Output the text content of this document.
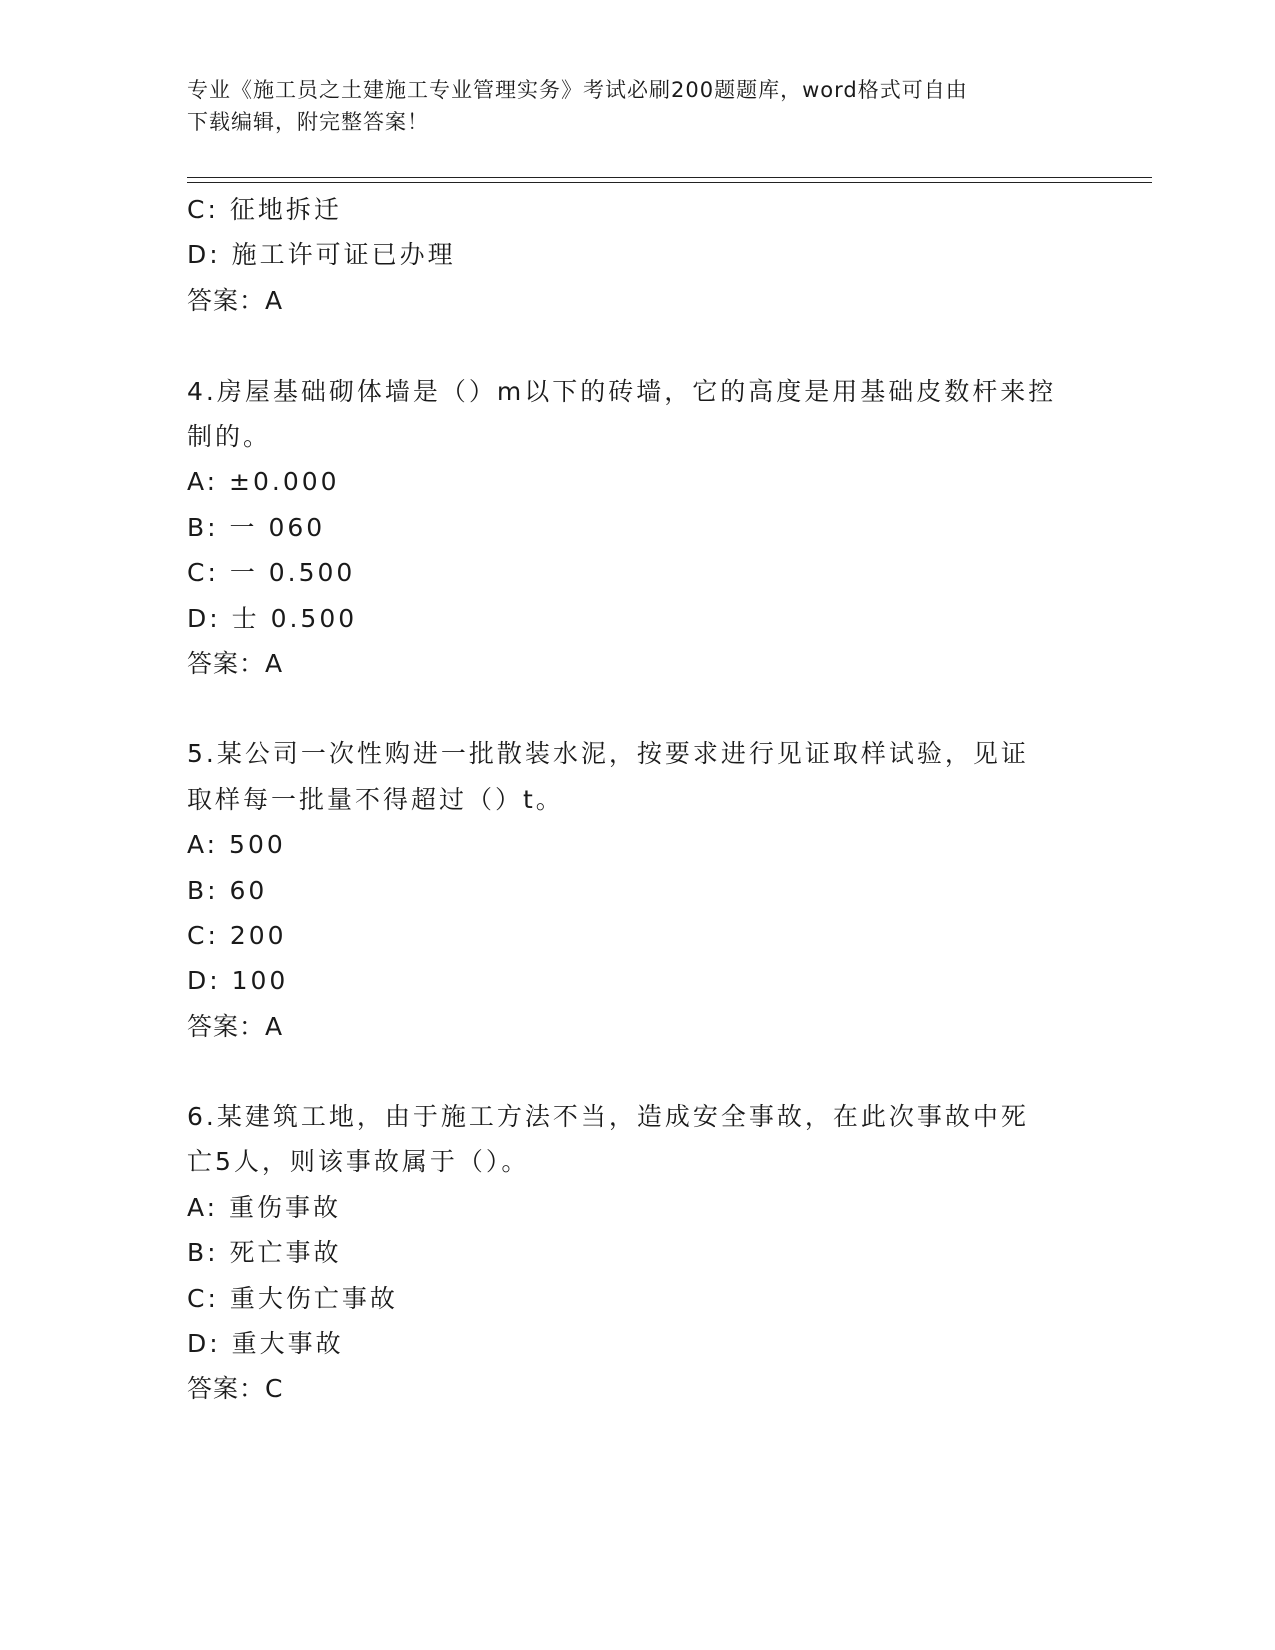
专业《施工员之土建施工专业管理实务》考试必刷200题题库，word格式可自由
下载编辑，附完整答案！
C: 征地拆迁
D: 施工许可证已办理
答案：A
4.房屋基础砌体墙是（）m以下的砖墙，它的高度是用基础皮数杆来控
制的。
A: ±0.000
B: 一 060
C: 一 0.500
D: 士 0.500
答案：A
5.某公司一次性购进一批散装水泥，按要求进行见证取样试验，见证
取样每一批量不得超过（）t。
A: 500
B: 60
C: 200
D: 100
答案：A
6.某建筑工地，由于施工方法不当，造成安全事故，在此次事故中死
亡5人，则该事故属于（）。
A: 重伤事故
B: 死亡事故
C: 重大伤亡事故
D: 重大事故
答案：C
